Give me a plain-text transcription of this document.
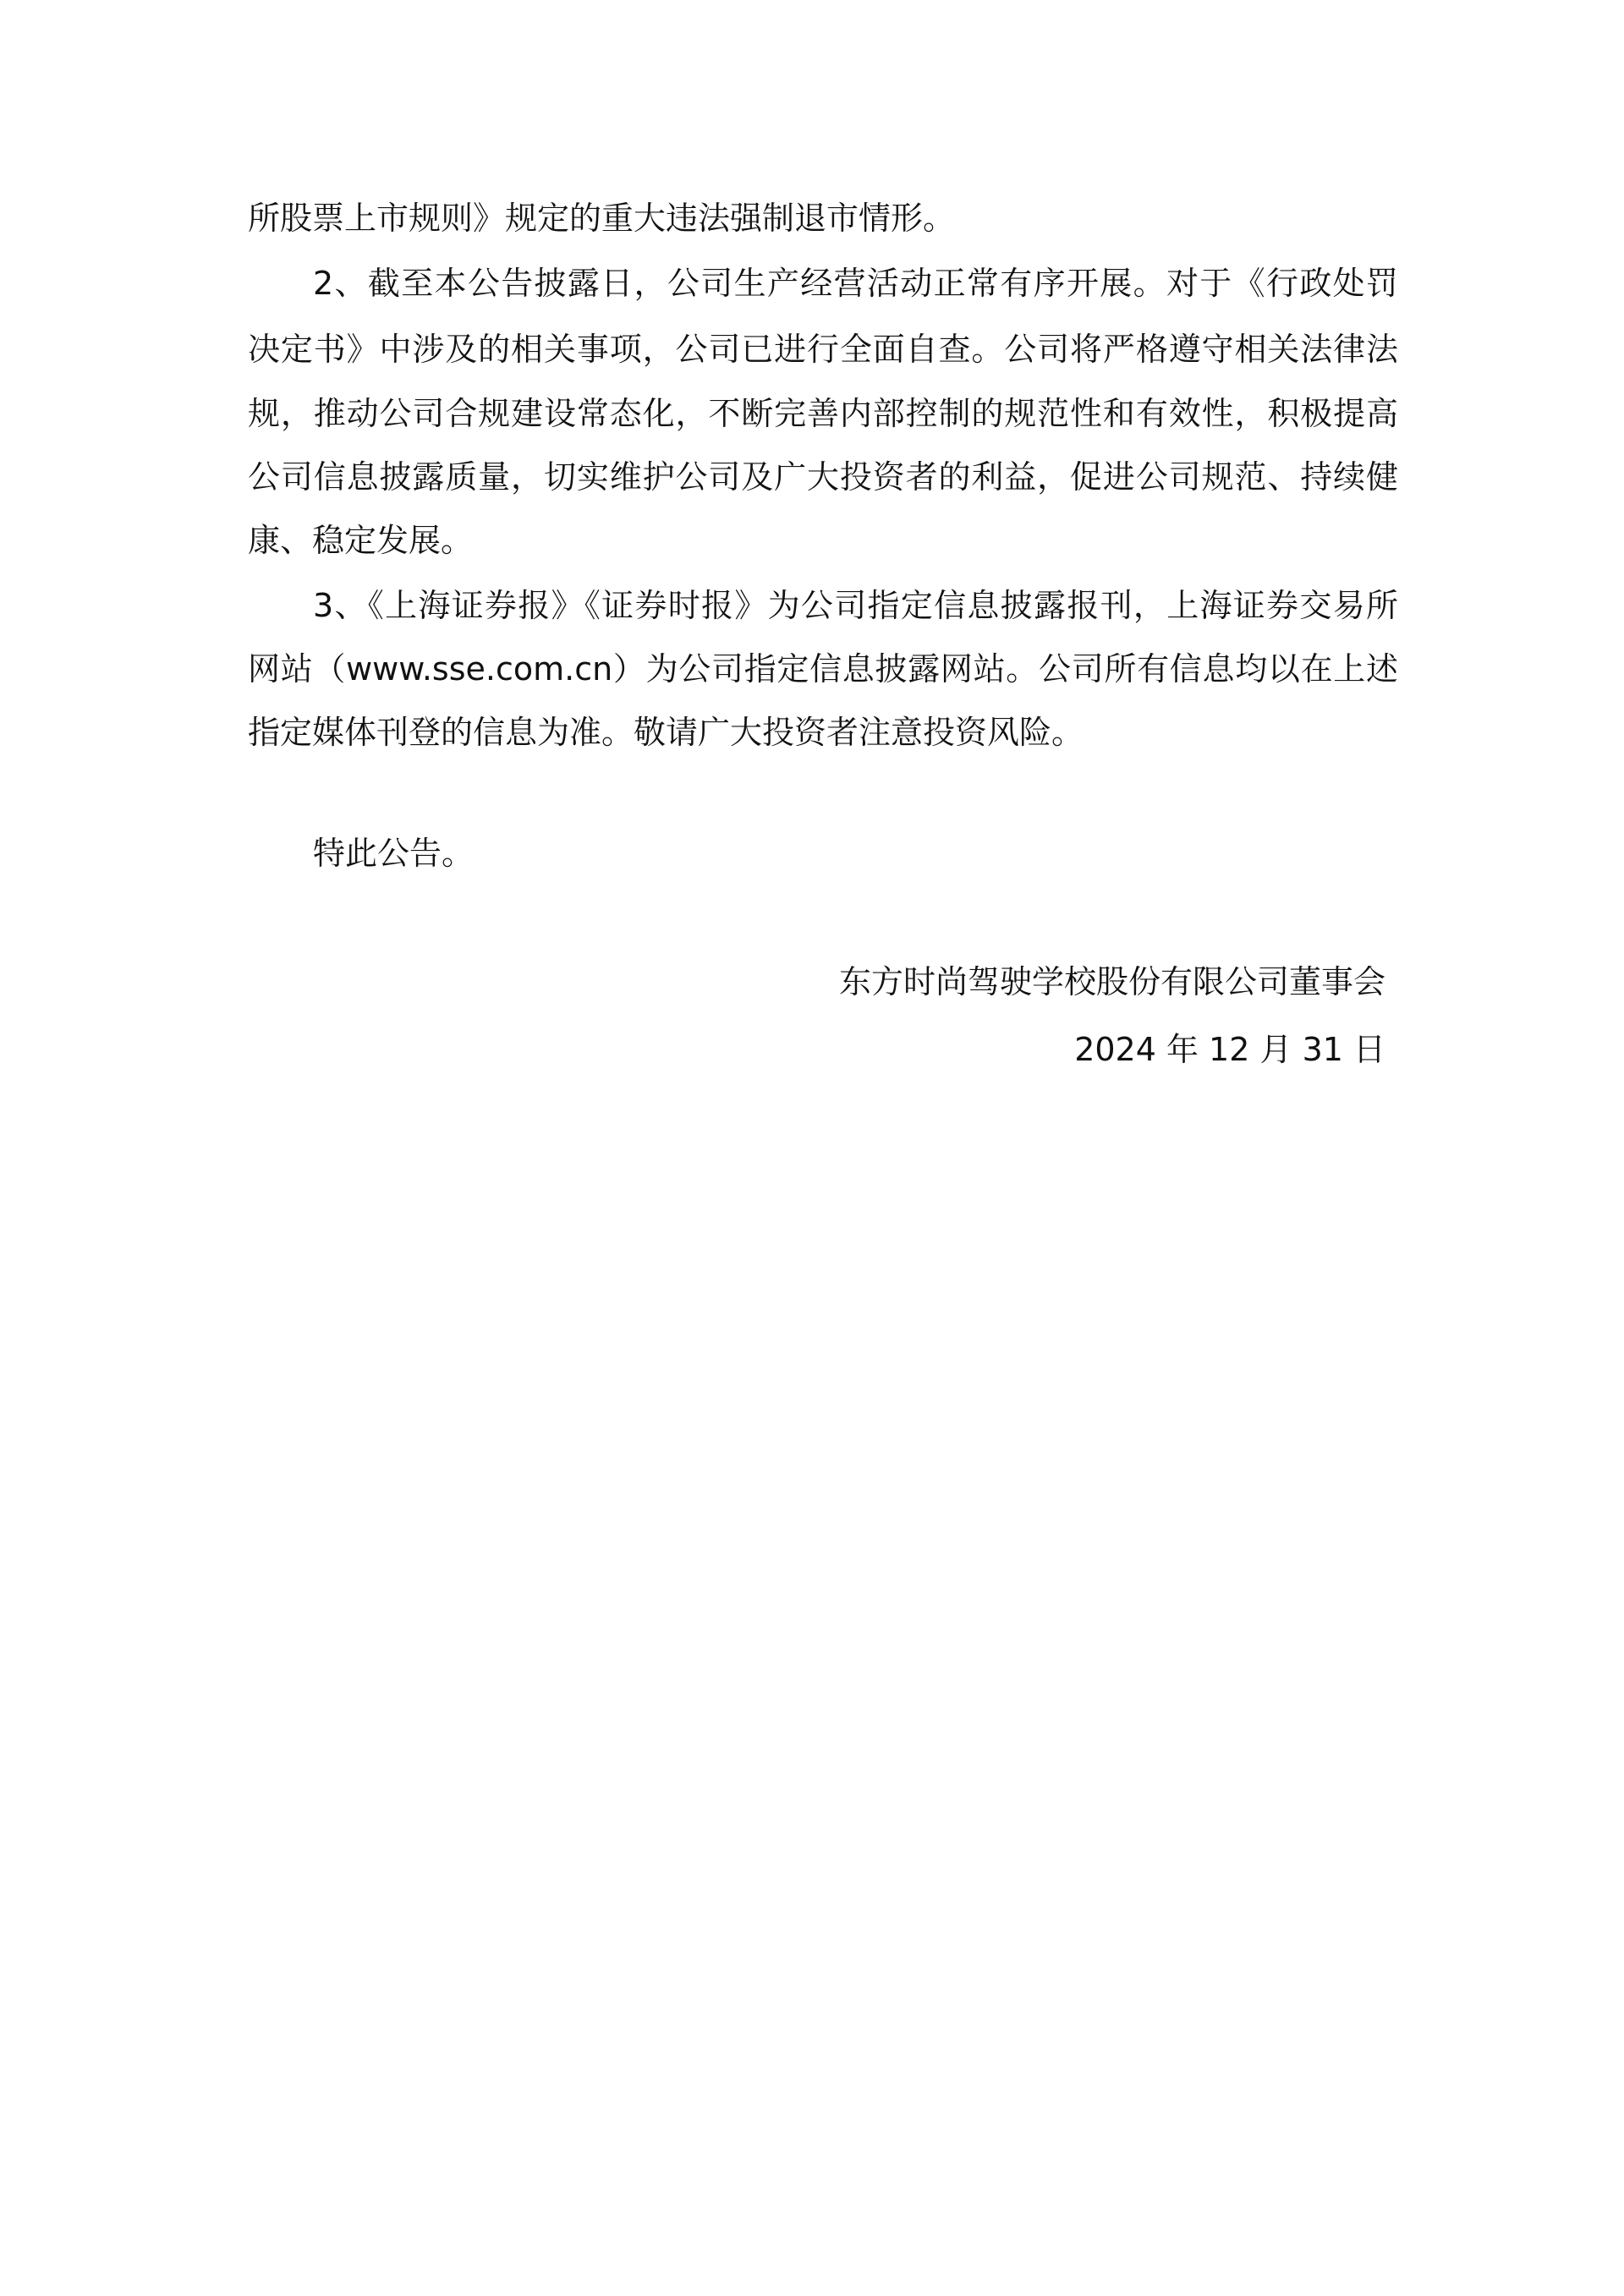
所股票上市规则》规定的重大违法强制退市情形。
2、截至本公告披露日，公司生产经营活动正常有序开展。对于《行政处罚
决定书》中涉及的相关事项，公司已进行全面自查。公司将严格遵守相关法律法
规，推动公司合规建设常态化，不断完善内部控制的规范性和有效性，积极提高
公司信息披露质量，切实维护公司及广大投资者的利益，促进公司规范、持续健
康、稳定发展。
3、《上海证券报》《证券时报》为公司指定信息披露报刊，上海证券交易所
网站（www.sse.com.cn）为公司指定信息披露网站。公司所有信息均以在上述
指定媒体刊登的信息为准。敬请广大投资者注意投资风险。
特此公告。
东方时尚驾驶学校股份有限公司董事会
2024 年 12 月 31 日
